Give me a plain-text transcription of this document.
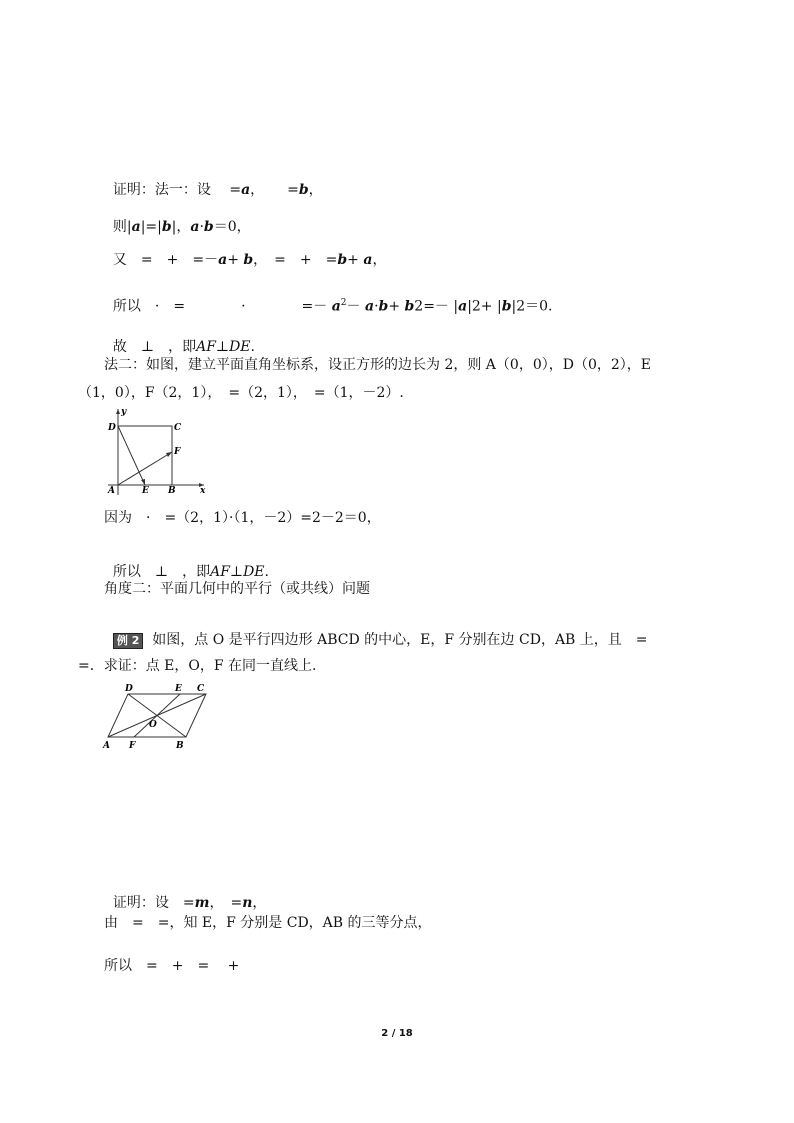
证明：法一：设 　=a，  　=b，

则|a|=|b|，a·b＝0，

又　=　+　=－a+ b，　=　+　=b+ a，

所以　·　=　　　　·　　　　=－ $a^2- a\cdot b+ b2=- |a|2+ |b|2=0$.

故　⊥　，即AF⊥DE.

法二：如图，建立平面直角坐标系，设正方形的边长为 2，则 A（0，0），D（0，2），E
（1，0），F（2，1），　=（2，1），　=（1，－2）.
y
D	C
F
A	E B	x
因为　·　=（2，1）·（1，－2）=2－2＝0，

所以　⊥　，即AF⊥DE.

角度二：平面几何中的平行（或共线）问题

例 2 如图，点 O 是平行四边形 ABCD 的中心，E，F 分别在边 CD，AB 上，且　=

=．求证：点 E，O，F 在同一直线上.
D	E C
O
A F	B

证明：设　=m，　=n，

由　=　=，知 E，F 分别是 CD，AB 的三等分点，
所以　=　+　=　 +
2 / 18
